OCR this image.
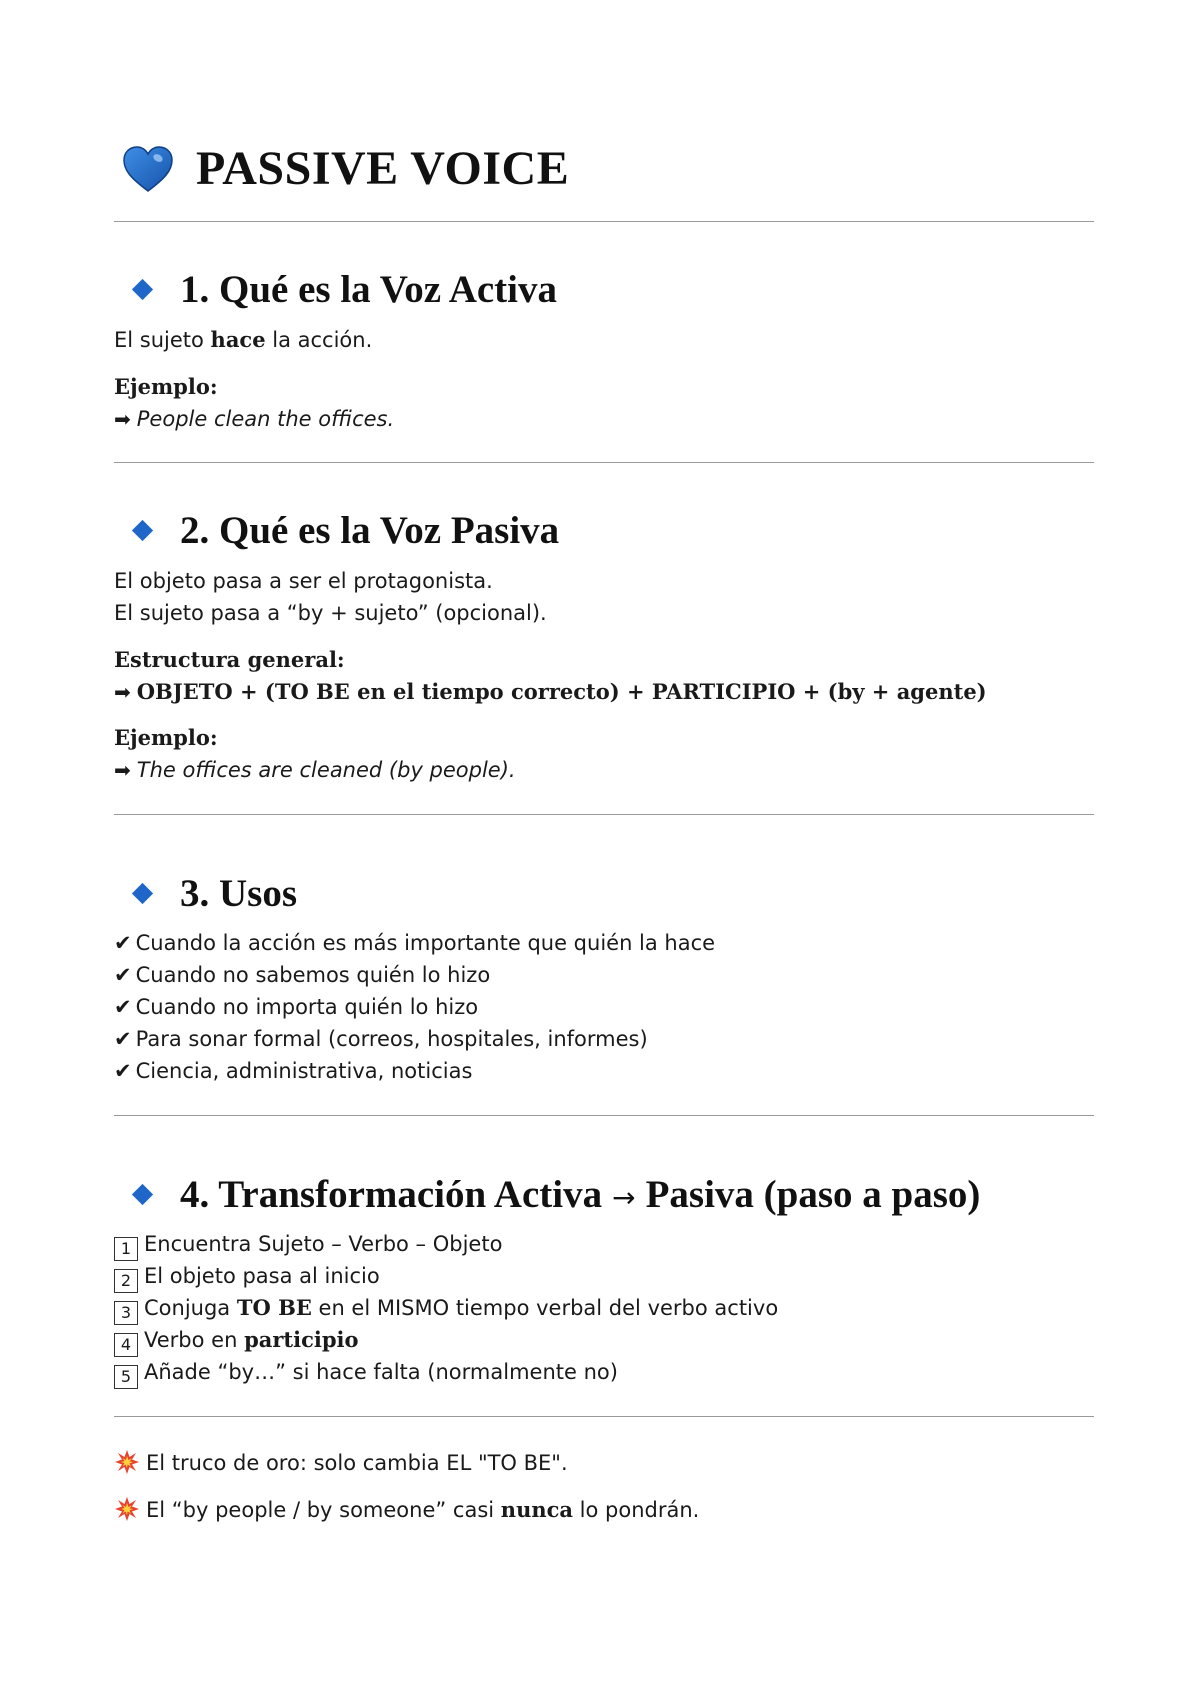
PASSIVE VOICE
1. Qué es la Voz Activa
El sujeto hace la acción.
Ejemplo:
➡ People clean the offices.
2. Qué es la Voz Pasiva
El objeto pasa a ser el protagonista.
El sujeto pasa a “by + sujeto” (opcional).
Estructura general:
➡ OBJETO + (TO BE en el tiempo correcto) + PARTICIPIO + (by + agente)
Ejemplo:
➡ The offices are cleaned (by people).
3. Usos
✔ Cuando la acción es más importante que quién la hace
✔ Cuando no sabemos quién lo hizo
✔ Cuando no importa quién lo hizo
✔ Para sonar formal (correos, hospitales, informes)
✔ Ciencia, administrativa, noticias
4. Transformación Activa → Pasiva (paso a paso)
1 Encuentra Sujeto – Verbo – Objeto
2 El objeto pasa al inicio
3 Conjuga TO BE en el MISMO tiempo verbal del verbo activo
4 Verbo en participio
5 Añade “by…” si hace falta (normalmente no)
El truco de oro: solo cambia EL "TO BE".
El “by people / by someone” casi nunca lo pondrán.
